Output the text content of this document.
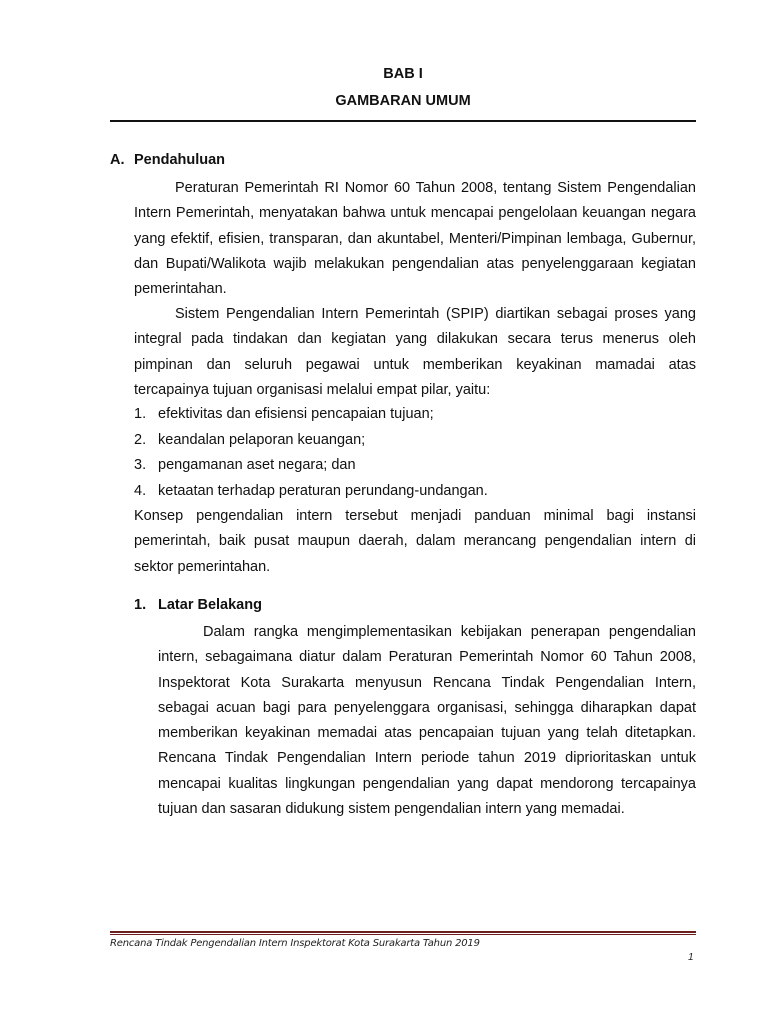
BAB I
GAMBARAN UMUM
A. Pendahuluan
Peraturan Pemerintah RI Nomor 60 Tahun 2008, tentang Sistem Pengendalian Intern Pemerintah, menyatakan bahwa untuk mencapai pengelolaan keuangan negara yang efektif, efisien, transparan, dan akuntabel, Menteri/Pimpinan lembaga, Gubernur, dan Bupati/Walikota wajib melakukan pengendalian atas penyelenggaraan kegiatan pemerintahan.
Sistem Pengendalian Intern Pemerintah (SPIP) diartikan sebagai proses yang integral pada tindakan dan kegiatan yang dilakukan secara terus menerus oleh pimpinan dan seluruh pegawai untuk memberikan keyakinan mamadai atas tercapainya tujuan organisasi melalui empat pilar, yaitu:
1. efektivitas dan efisiensi pencapaian tujuan;
2. keandalan pelaporan keuangan;
3. pengamanan aset negara; dan
4. ketaatan terhadap peraturan perundang-undangan.
Konsep pengendalian intern tersebut menjadi panduan minimal bagi instansi pemerintah, baik pusat maupun daerah, dalam merancang pengendalian intern di sektor pemerintahan.
1. Latar Belakang
Dalam rangka mengimplementasikan kebijakan penerapan pengendalian intern, sebagaimana diatur dalam Peraturan Pemerintah Nomor 60 Tahun 2008, Inspektorat Kota Surakarta menyusun Rencana Tindak Pengendalian Intern, sebagai acuan bagi para penyelenggara organisasi, sehingga diharapkan dapat memberikan keyakinan memadai atas pencapaian tujuan yang telah ditetapkan. Rencana Tindak Pengendalian Intern periode tahun 2019 diprioritaskan untuk mencapai kualitas lingkungan pengendalian yang dapat mendorong tercapainya tujuan dan sasaran didukung sistem pengendalian intern yang memadai.
Rencana Tindak Pengendalian Intern Inspektorat Kota Surakarta Tahun 2019
1
